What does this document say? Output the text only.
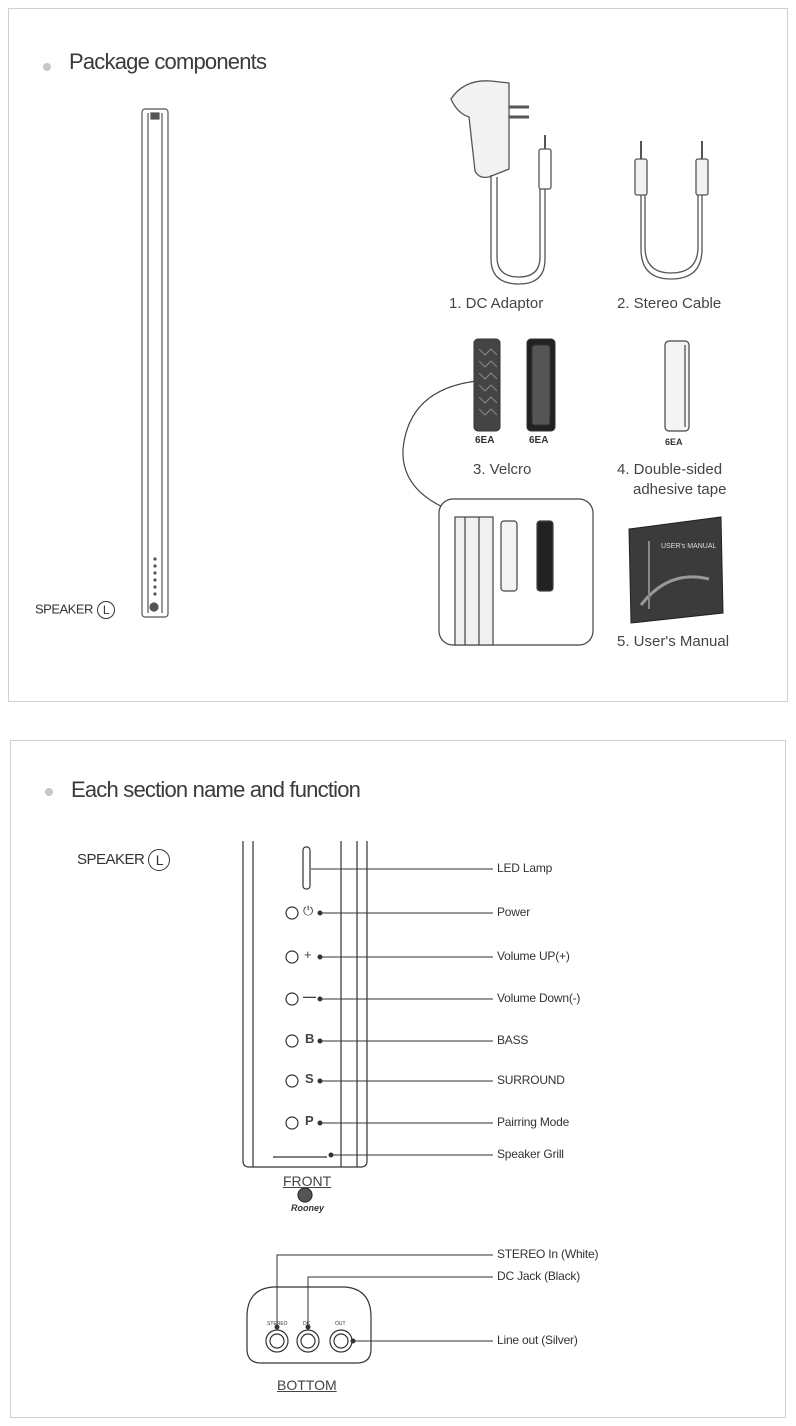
Package components
USER's MANUAL
SPEAKER L
1. DC Adaptor	2. Stereo Cable
6EA	6EA
3. Velcro
6EA
4. Double-sided
adhesive tape
5. User's Manual
Each section name and function
SPEAKER L
⏻
+
—
B
S
P
Rooney
LED Lamp
Power
Volume UP(+)
Volume Down(-)
BASS
SURROUND
Pairring Mode
Speaker Grill
FRONT
STEREO In (White)
DC Jack (Black)
Line out (Silver)
STEREO	DC	OUT
BOTTOM
